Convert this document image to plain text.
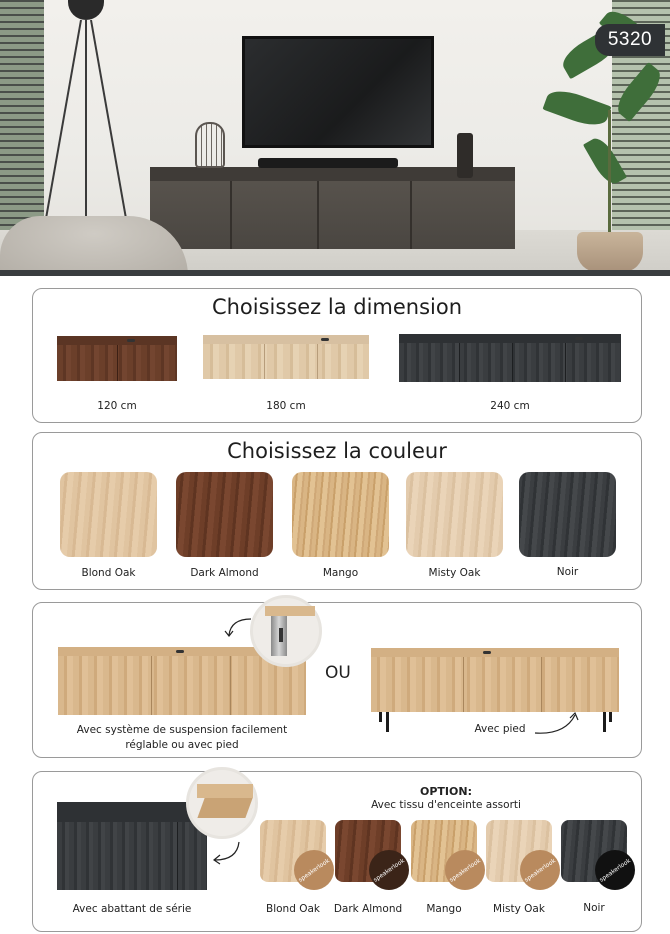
5320
Choisissez la dimension
120 cm	180 cm	240 cm
Choisissez la couleur
Blond Oak	Dark Almond	Mango	Misty Oak	Noir
Avec système de suspension facilement réglable ou avec pied
OU
Avec pied
Avec abattant de série
OPTION:
Avec tissu d'enceinte assorti
speakerlook
Blond Oak
speakerlook
Dark Almond
speakerlook
Mango
speakerlook
Misty Oak
speakerlook
Noir
